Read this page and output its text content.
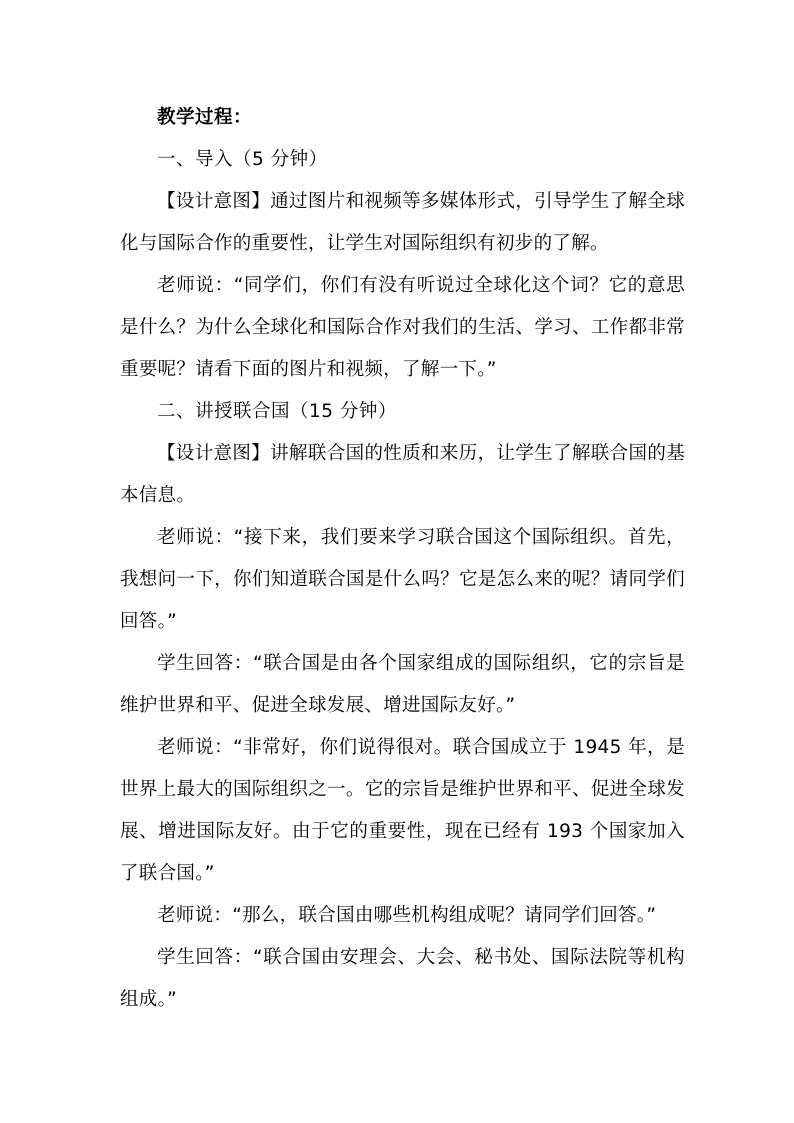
教学过程：
一、导入（5 分钟）

【设计意图】通过图片和视频等多媒体形式，引导学生了解全球化与国际合作的重要性，让学生对国际组织有初步的了解。

老师说：“同学们，你们有没有听说过全球化这个词？它的意思是什么？为什么全球化和国际合作对我们的生活、学习、工作都非常重要呢？请看下面的图片和视频，了解一下。”

二、讲授联合国（15 分钟）

【设计意图】讲解联合国的性质和来历，让学生了解联合国的基本信息。

老师说：“接下来，我们要来学习联合国这个国际组织。首先，我想问一下，你们知道联合国是什么吗？它是怎么来的呢？请同学们回答。”

学生回答：“联合国是由各个国家组成的国际组织，它的宗旨是维护世界和平、促进全球发展、增进国际友好。”

老师说：“非常好，你们说得很对。联合国成立于 1945 年，是世界上最大的国际组织之一。它的宗旨是维护世界和平、促进全球发展、增进国际友好。由于它的重要性，现在已经有 193 个国家加入了联合国。”

老师说：“那么，联合国由哪些机构组成呢？请同学们回答。”

学生回答：“联合国由安理会、大会、秘书处、国际法院等机构组成。”
